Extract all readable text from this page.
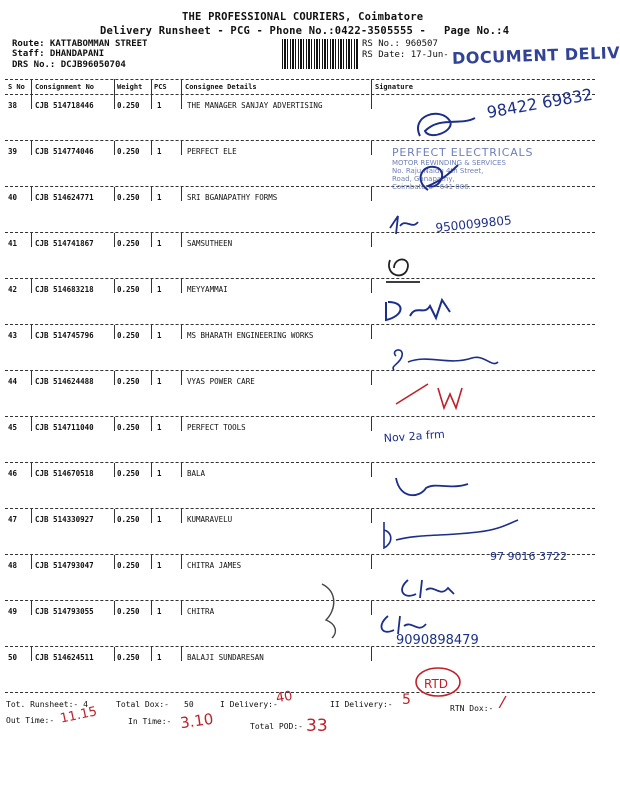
THE PROFESSIONAL COURIERS, Coimbatore
Delivery Runsheet - PCG - Phone No.:0422-3505555 - Page No.:4
Route: KATTABOMMAN STREET
Staff: DHANDAPANI
DRS No.: DCJB96050704
RS No.: 960507
RS Date: 17-Jun- DOCUMENT DELIV
S No Consignment No	Weight PCS	Consignee Details	Signature
38 CJB 514718446	0.250 1	THE MANAGER SANJAY ADVERTISING
39 CJB 514774046	0.250 1	PERFECT ELE
40 CJB 514624771	0.250 1	SRI BGANAPATHY FORMS
41 CJB 514741867	0.250 1	SAMSUTHEEN
42 CJB 514683218	0.250 1	MEYYAMMAI
43 CJB 514745796	0.250 1	MS BHARATH ENGINEERING WORKS
44 CJB 514624488	0.250 1	VYAS POWER CARE
45 CJB 514711040	0.250 1	PERFECT TOOLS
46 CJB 514670518	0.250 1	BALA
47 CJB 514330927	0.250 1	KUMARAVELU
48 CJB 514793047	0.250 1	CHITRA JAMES
49 CJB 514793055	0.250 1	CHITRA
50 CJB 514624511	0.250 1	BALAJI SUNDARESAN
PERFECT ELECTRICALS
MOTOR REWINDING & SERVICES
No. Raju Naidu 4th Street,
Road, Ganapathy,
Coimbatore - 641 006.
98422 69832
9500099805
Nov 2a frm
97 9016 3722
9090898479
RTD
Tot. Runsheet:- 4	Total Dox:- 50	I Delivery:-	II Delivery:-	RTN Dox:-
Out Time:-	In Time:-
Total POD:-
40	5	/
11.15	3.10	33
